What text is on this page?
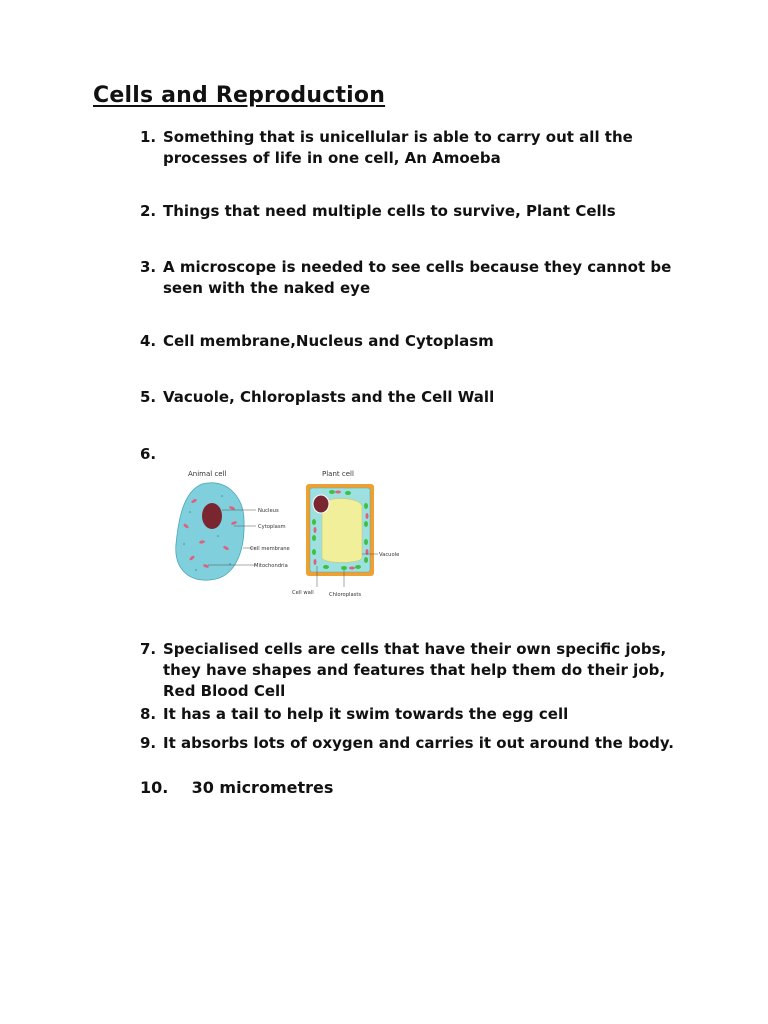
Cells and Reproduction
1. Something that is unicellular is able to carry out all the processes of life in one cell, An Amoeba
2. Things that need multiple cells to survive, Plant Cells
3. A microscope is needed to see cells because they cannot be seen with the naked eye
4. Cell membrane,Nucleus and Cytoplasm
5. Vacuole, Chloroplasts and the Cell Wall
6.
Animal cell
Nucleus
Cytoplasm
Cell membrane
Mitochondria
Plant cell
Vacuole
Cell wall	Chloroplasts
7. Specialised cells are cells that have their own specific jobs, they have shapes and features that help them do their job, Red Blood Cell
8. It has a tail to help it swim towards the egg cell
9. It absorbs lots of oxygen and carries it out around the body.
10. 30 micrometres
